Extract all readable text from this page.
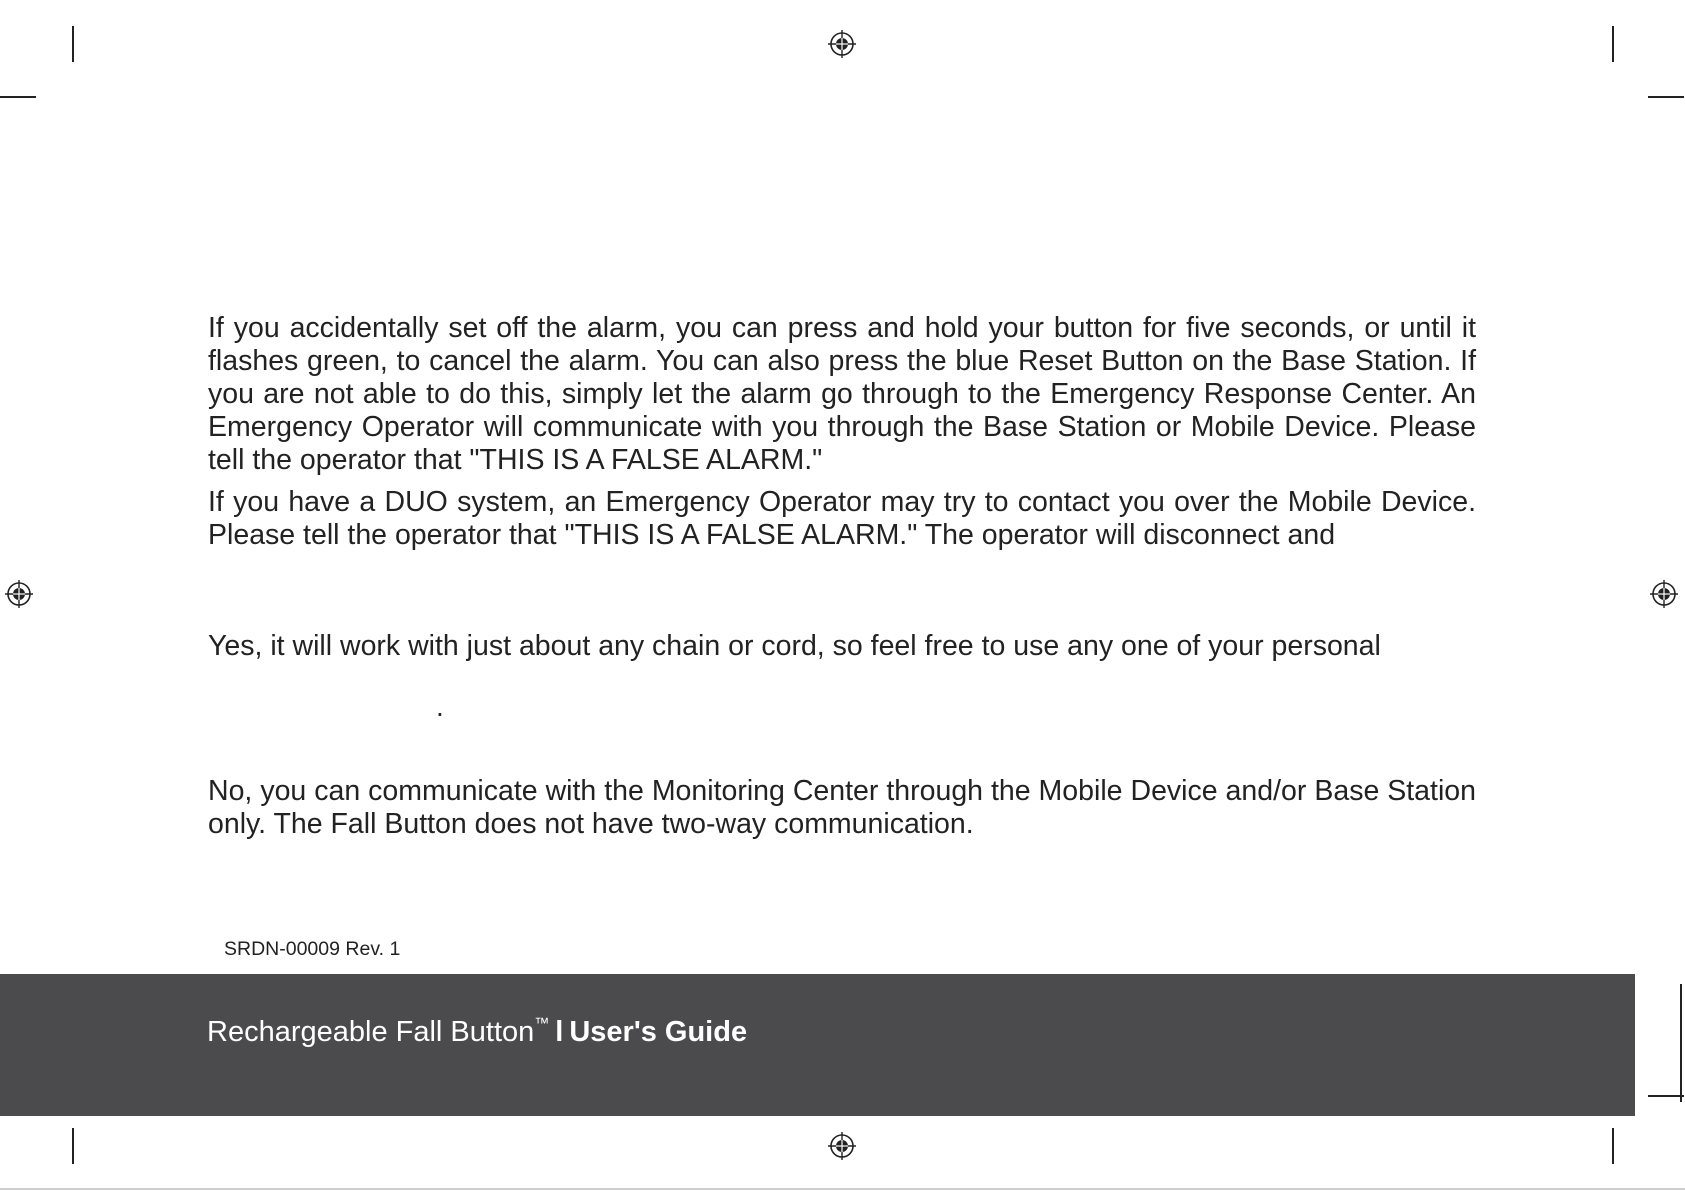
If you accidentally set off the alarm, you can press and hold your button for five seconds, or until it flashes green, to cancel the alarm. You can also press the blue Reset Button on the Base Station. If you are not able to do this, simply let the alarm go through to the Emergency Response Center. An Emergency Operator will communicate with you through the Base Station or Mobile Device. Please tell the operator that "THIS IS A FALSE ALARM."

If you have a DUO system, an Emergency Operator may try to contact you over the Mobile Device. Please tell the operator that "THIS IS A FALSE ALARM." The operator will disconnect and

Yes, it will work with just about any chain or cord, so feel free to use any one of your personal

.

No, you can communicate with the Monitoring Center through the Mobile Device and/or Base Station only. The Fall Button does not have two-way communication.

SRDN-00009 Rev. 1
Rechargeable Fall Button™ l User's Guide
